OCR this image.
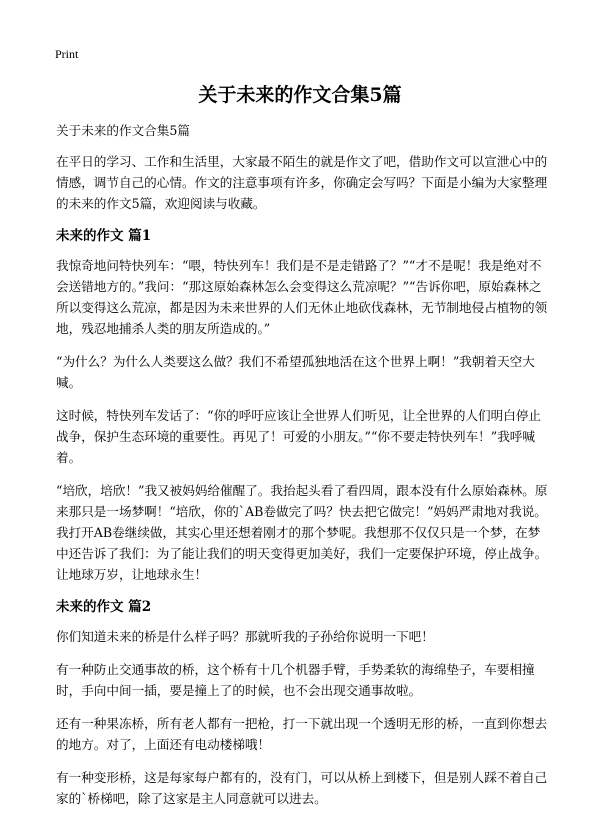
Print
关于未来的作文合集5篇

关于未来的作文合集5篇

在平日的学习、工作和生活里，大家最不陌生的就是作文了吧，借助作文可以宣泄心中的情感，调节自己的心情。作文的注意事项有许多，你确定会写吗？下面是小编为大家整理的未来的作文5篇，欢迎阅读与收藏。

未来的作文 篇1

我惊奇地问特快列车：“喂，特快列车！我们是不是走错路了？”“才不是呢！我是绝对不会送错地方的。”我问：“那这原始森林怎么会变得这么荒凉呢？”“告诉你吧，原始森林之所以变得这么荒凉，都是因为未来世界的人们无休止地砍伐森林，无节制地侵占植物的领地，残忍地捕杀人类的朋友所造成的。”

“为什么？为什么人类要这么做？我们不希望孤独地活在这个世界上啊！”我朝着天空大喊。

这时候，特快列车发话了：“你的呼吁应该让全世界人们听见，让全世界的人们明白停止战争，保护生态环境的重要性。再见了！可爱的小朋友。”“你不要走特快列车！”我呼喊着。

“培欣，培欣！”我又被妈妈给催醒了。我抬起头看了看四周，跟本没有什么原始森林。原来那只是一场梦啊！“培欣，你的`AB卷做完了吗？快去把它做完！”妈妈严肃地对我说。我打开AB卷继续做，其实心里还想着刚才的那个梦呢。我想那不仅仅只是一个梦，在梦中还告诉了我们：为了能让我们的明天变得更加美好，我们一定要保护环境，停止战争。让地球万岁，让地球永生！

未来的作文 篇2

你们知道未来的桥是什么样子吗？那就听我的子孙给你说明一下吧！

有一种防止交通事故的桥，这个桥有十几个机器手臂，手势柔软的海绵垫子，车要相撞时，手向中间一插，要是撞上了的时候，也不会出现交通事故啦。

还有一种果冻桥，所有老人都有一把枪，打一下就出现一个透明无形的桥，一直到你想去的地方。对了，上面还有电动楼梯哦！

有一种变形桥，这是每家每户都有的，没有门，可以从桥上到楼下，但是别人踩不着自己家的`桥梯吧，除了这家是主人同意就可以进去。
